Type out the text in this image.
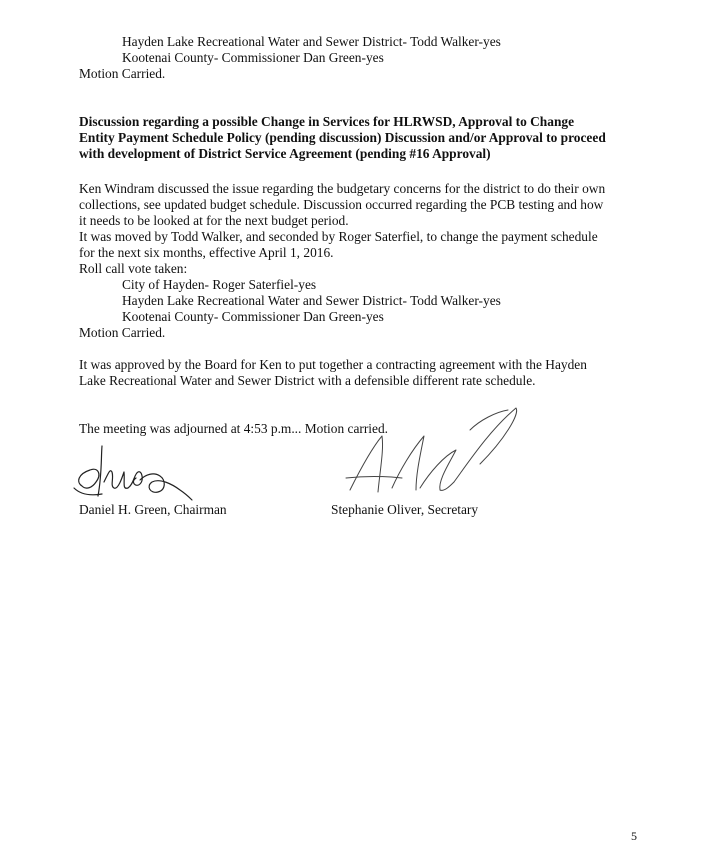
Hayden Lake Recreational Water and Sewer District- Todd Walker-yes
Kootenai County- Commissioner Dan Green-yes
Motion Carried.
Discussion regarding a possible Change in Services for HLRWSD, Approval to Change
Entity Payment Schedule Policy (pending discussion) Discussion and/or Approval to proceed
with development of District Service Agreement (pending #16 Approval)
Ken Windram discussed the issue regarding the budgetary concerns for the district to do their own
collections, see updated budget schedule. Discussion occurred regarding the PCB testing and how
it needs to be looked at for the next budget period.
It was moved by Todd Walker, and seconded by Roger Saterfiel, to change the payment schedule
for the next six months, effective April 1, 2016.
Roll call vote taken:
City of Hayden- Roger Saterfiel-yes
Hayden Lake Recreational Water and Sewer District- Todd Walker-yes
Kootenai County- Commissioner Dan Green-yes
Motion Carried.
It was approved by the Board for Ken to put together a contracting agreement with the Hayden
Lake Recreational Water and Sewer District with a defensible different rate schedule.
The meeting was adjourned at 4:53 p.m... Motion carried.
Daniel H. Green, Chairman	Stephanie Oliver, Secretary
5
